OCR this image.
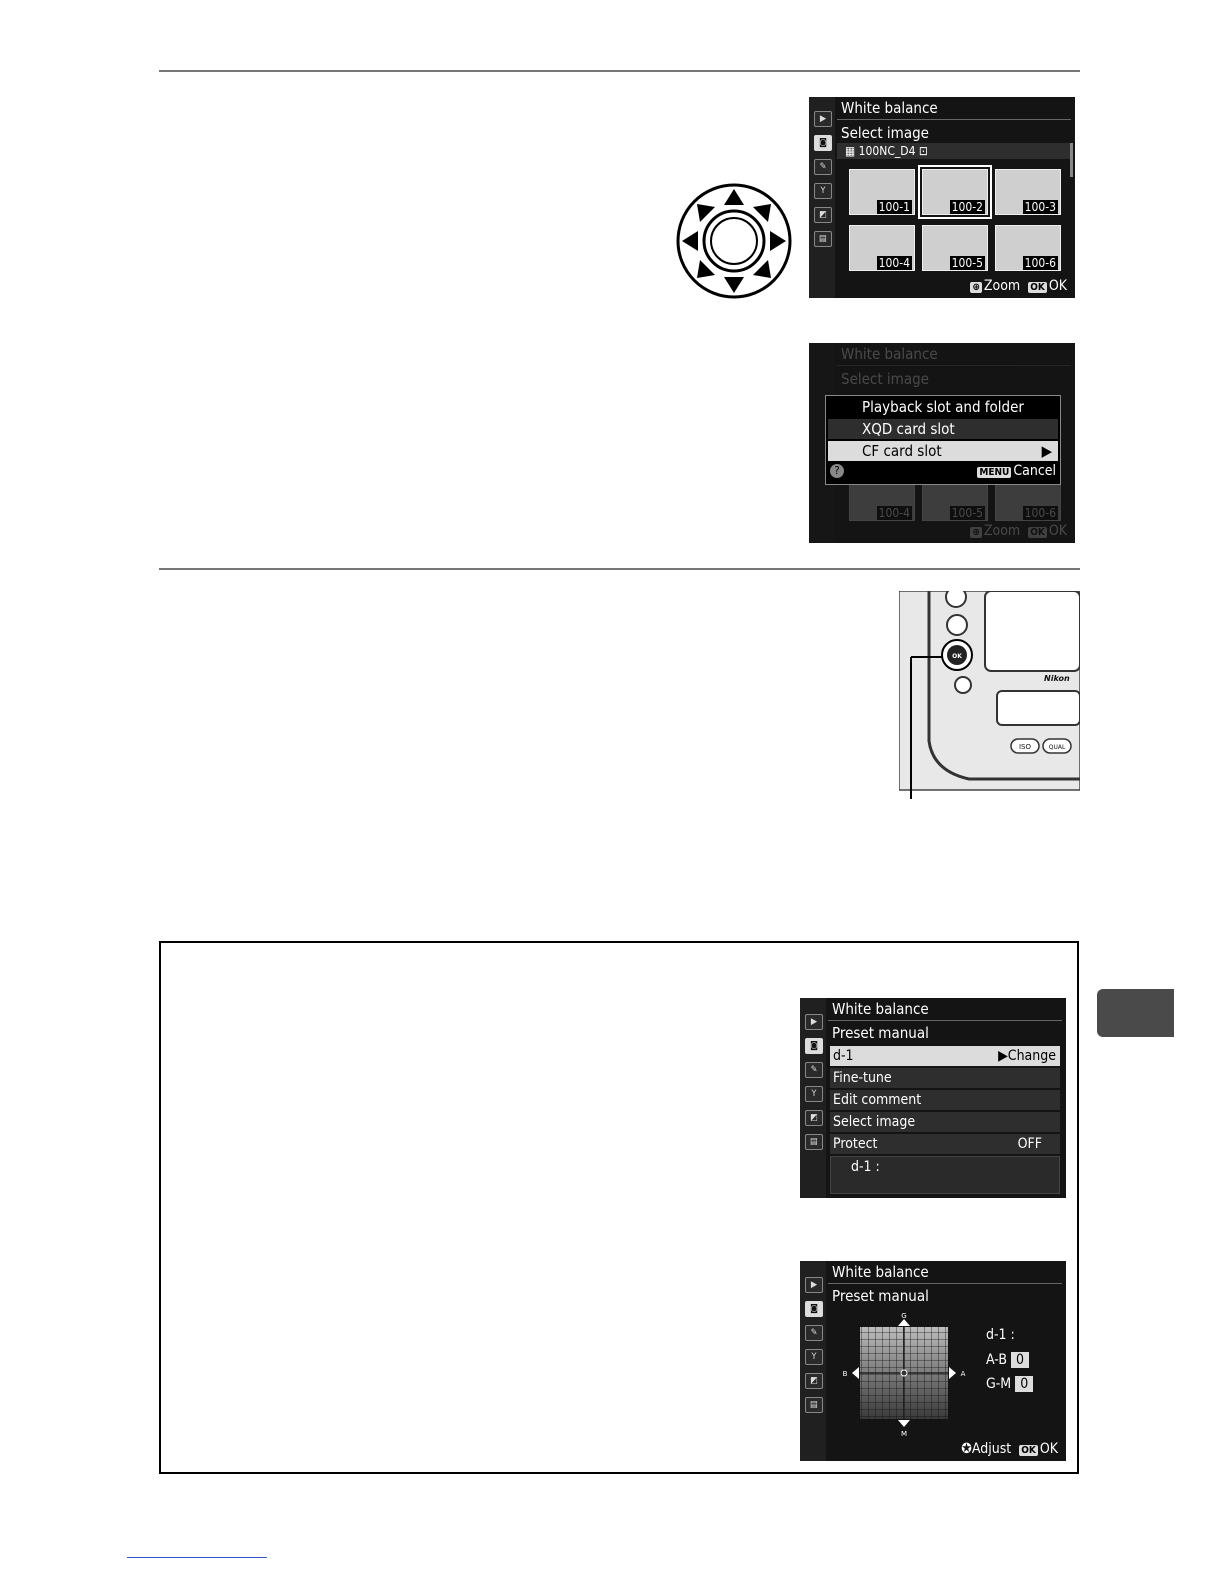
▶
◙
✎
Y
◩
▤
White balance
Select image
▦ 100NC_D4 ⊡
100-1	100-2	100-3
100-4	100-5	100-6
⊕ Zoom OK OK
White balance
Select image
100-4	100-5	100-6
⊕ Zoom OK OK
Playback slot and folder
XQD card slot
CF card slot	▶
?	MENU Cancel
Nikon
OK
ISO	QUAL
▶
◙
✎
Y
◩
▤
White balance
Preset manual
d-1	▶Change
Fine-tune
Edit comment
Select image
Protect	OFF
d-1 :
▶
◙
✎
Y
◩
▤
White balance
Preset manual
G
M
B	A
d-1 :
A-B 0
G-M 0
✪Adjust OK OK
